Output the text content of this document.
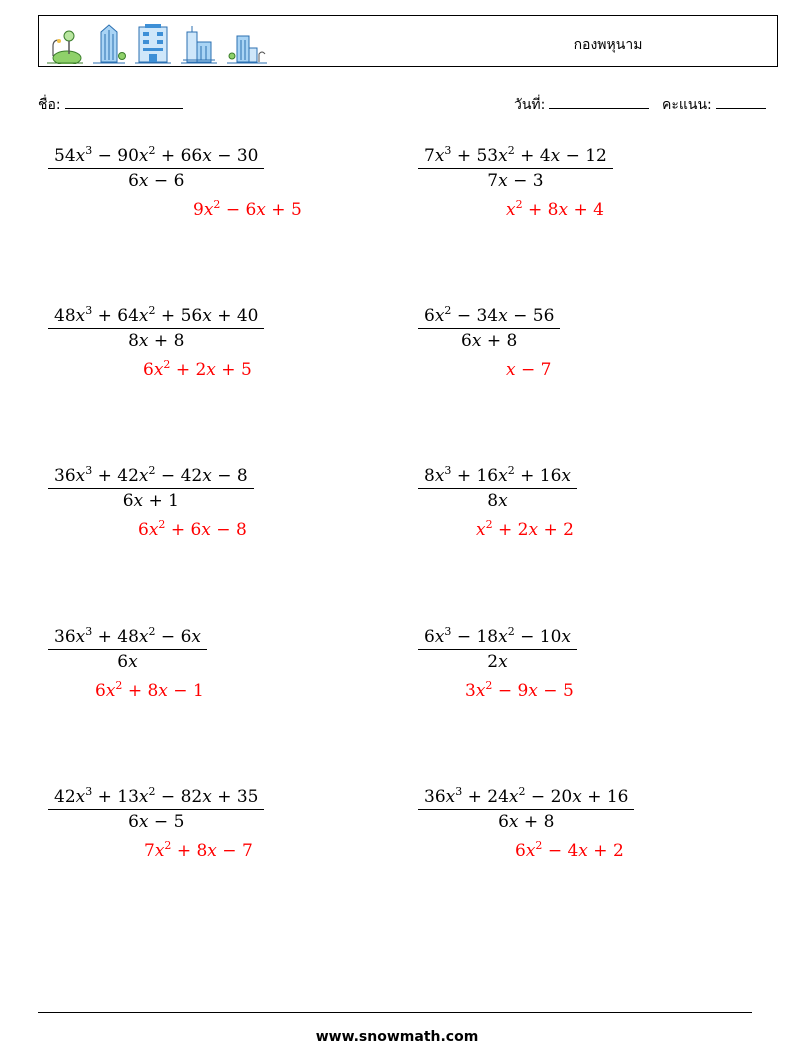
กองพหุนาม
ชื่อ:	วันที่:	คะแนน:
$\frac{54x^3 - 90x^2 + 66x - 30}{6x - 6}$
$9x^2 - 6x + 5$
$\frac{7x^3 + 53x^2 + 4x - 12}{7x - 3}$
$x^2 + 8x + 4$
$\frac{48x^3 + 64x^2 + 56x + 40}{8x + 8}$
$6x^2 + 2x + 5$
$\frac{6x^2 - 34x - 56}{6x + 8}$
x − 7
$\frac{36x^3 + 42x^2 - 42x - 8}{6x + 1}$
$6x^2 + 6x - 8$
$\frac{8x^3 + 16x^2 + 16x}{8x}$
$x^2 + 2x + 2$
$\frac{36x^3 + 48x^2 - 6x}{6x}$
$6x^2 + 8x - 1$
$\frac{6x^3 - 18x^2 - 10x}{2x}$
$3x^2 - 9x - 5$
$\frac{42x^3 + 13x^2 - 82x + 35}{6x - 5}$
$7x^2 + 8x - 7$
$\frac{36x^3 + 24x^2 - 20x + 16}{6x + 8}$
$6x^2 - 4x + 2$
www.snowmath.com
